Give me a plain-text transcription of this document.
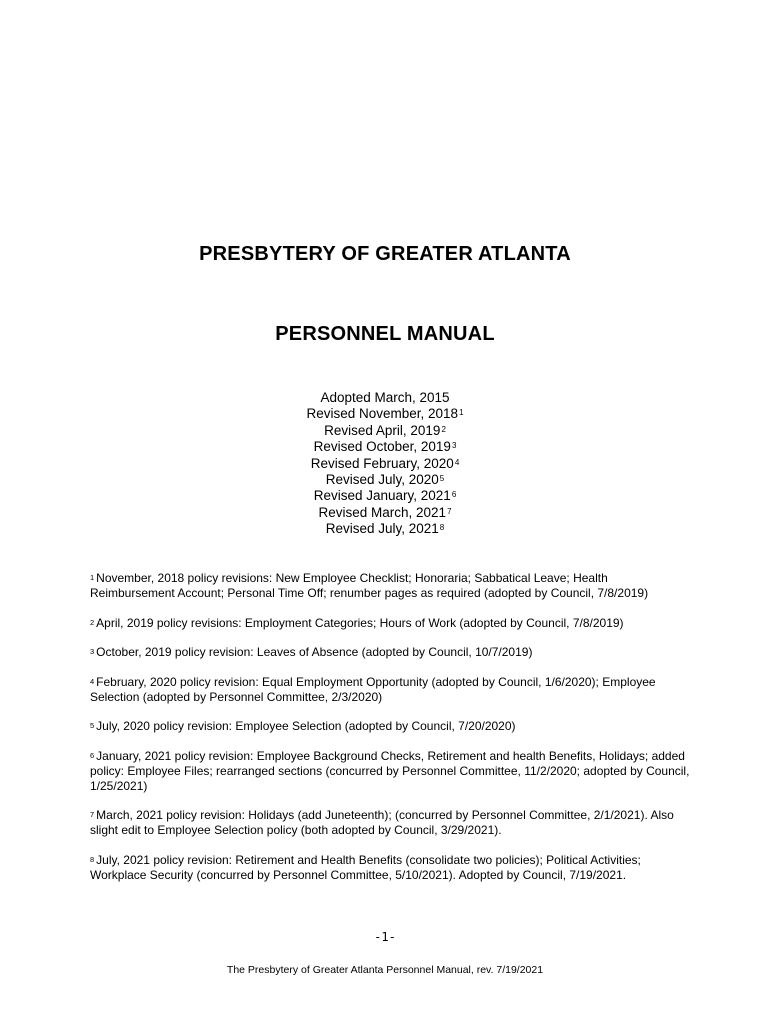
PRESBYTERY OF GREATER ATLANTA
PERSONNEL MANUAL
Adopted March, 2015
Revised November, 2018$^1$
Revised April, 2019$^2$
Revised October, 2019$^3$
Revised February, 2020$^4$
Revised July, 2020$^5$
Revised January, 2021$^6$
Revised March, 2021$^7$
Revised July, 2021$^8$
$^1$ November, 2018 policy revisions: New Employee Checklist; Honoraria; Sabbatical Leave; Health Reimbursement Account; Personal Time Off; renumber pages as required (adopted by Council, 7/8/2019)
$^2$ April, 2019 policy revisions: Employment Categories; Hours of Work (adopted by Council, 7/8/2019)
$^3$ October, 2019 policy revision: Leaves of Absence (adopted by Council, 10/7/2019)
$^4$ February, 2020 policy revision: Equal Employment Opportunity (adopted by Council, 1/6/2020); Employee Selection (adopted by Personnel Committee, 2/3/2020)
$^5$ July, 2020 policy revision: Employee Selection (adopted by Council, 7/20/2020)
$^6$ January, 2021 policy revision: Employee Background Checks, Retirement and health Benefits, Holidays; added policy: Employee Files; rearranged sections (concurred by Personnel Committee, 11/2/2020; adopted by Council, 1/25/2021)
$^7$ March, 2021 policy revision: Holidays (add Juneteenth); (concurred by Personnel Committee, 2/1/2021). Also slight edit to Employee Selection policy (both adopted by Council, 3/29/2021).
$^8$ July, 2021 policy revision: Retirement and Health Benefits (consolidate two policies); Political Activities; Workplace Security (concurred by Personnel Committee, 5/10/2021). Adopted by Council, 7/19/2021.
-1-
The Presbytery of Greater Atlanta Personnel Manual, rev. 7/19/2021
